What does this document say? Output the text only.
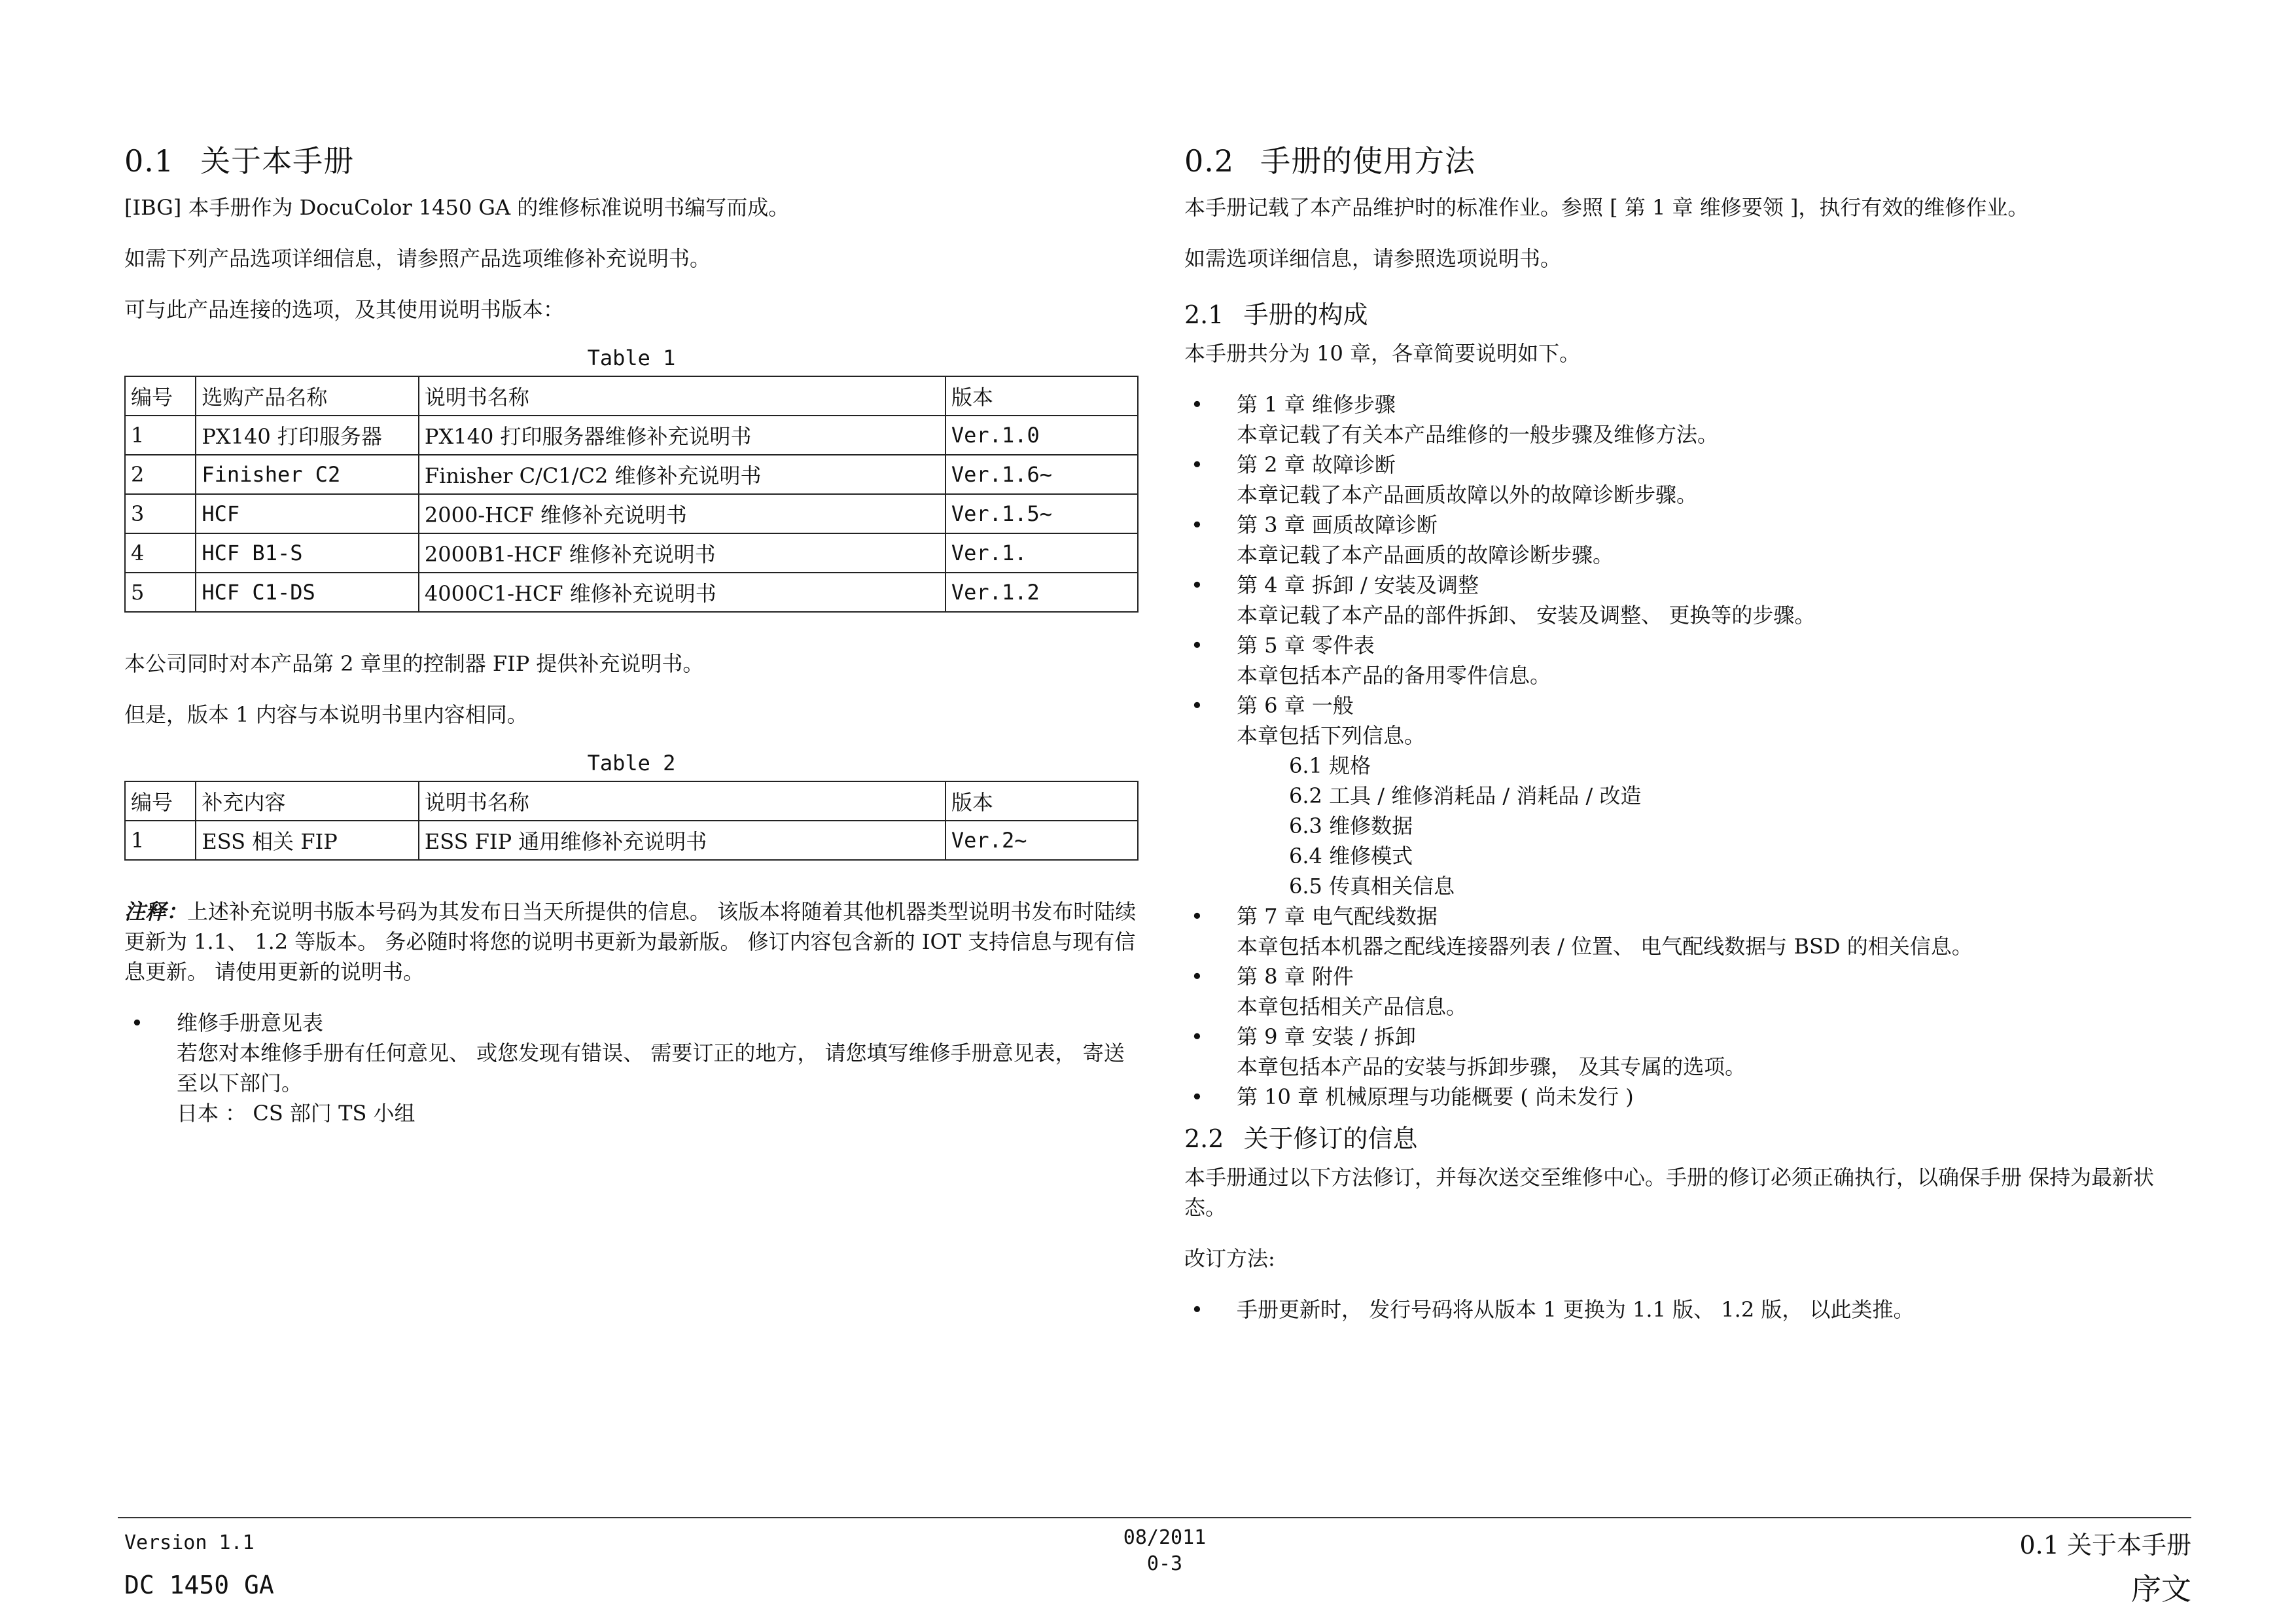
0.1 关于本手册

[IBG] 本手册作为 DocuColor 1450 GA 的维修标准说明书编写而成。

如需下列产品选项详细信息，请参照产品选项维修补充说明书。

可与此产品连接的选项，及其使用说明书版本：

Table 1
编号	选购产品名称	说明书名称	版本
1	PX140 打印服务器	PX140 打印服务器维修补充说明书	Ver.1.0
2	Finisher C2	Finisher C/C1/C2 维修补充说明书	Ver.1.6~
3	HCF	2000-HCF 维修补充说明书	Ver.1.5~
4	HCF B1-S	2000B1-HCF 维修补充说明书	Ver.1.
5	HCF C1-DS	4000C1-HCF 维修补充说明书	Ver.1.2

本公司同时对本产品第 2 章里的控制器 FIP 提供补充说明书。

但是，版本 1 内容与本说明书里内容相同。

Table 2
编号	补充内容	说明书名称	版本
1	ESS 相关 FIP	ESS FIP 通用维修补充说明书	Ver.2~

注释：上述补充说明书版本号码为其发布日当天所提供的信息。 该版本将随着其他机器类型说明书发布时陆续更新为 1.1、 1.2 等版本。 务必随时将您的说明书更新为最新版。 修订内容包含新的 IOT 支持信息与现有信息更新。 请使用更新的说明书。

• 维修手册意见表
若您对本维修手册有任何意见、 或您发现有错误、 需要订正的地方， 请您填写维修手册意见表， 寄送至以下部门。
日本 ： CS 部门 TS 小组
0.2 手册的使用方法

本手册记载了本产品维护时的标准作业。参照 [ 第 1 章 维修要领 ]，执行有效的维修作业。

如需选项详细信息，请参照选项说明书。

2.1 手册的构成

本手册共分为 10 章，各章简要说明如下。

• 第 1 章 维修步骤
本章记载了有关本产品维修的一般步骤及维修方法。
• 第 2 章 故障诊断
本章记载了本产品画质故障以外的故障诊断步骤。
• 第 3 章 画质故障诊断
本章记载了本产品画质的故障诊断步骤。
• 第 4 章 拆卸 / 安装及调整
本章记载了本产品的部件拆卸、 安装及调整、 更换等的步骤。
• 第 5 章 零件表
本章包括本产品的备用零件信息。
• 第 6 章 一般
本章包括下列信息。
6.1 规格
6.2 工具 / 维修消耗品 / 消耗品 / 改造
6.3 维修数据
6.4 维修模式
6.5 传真相关信息
• 第 7 章 电气配线数据
本章包括本机器之配线连接器列表 / 位置、 电气配线数据与 BSD 的相关信息。
• 第 8 章 附件
本章包括相关产品信息。
• 第 9 章 安装 / 拆卸
本章包括本产品的安装与拆卸步骤， 及其专属的选项。
• 第 10 章 机械原理与功能概要 ( 尚未发行 )
2.2 关于修订的信息

本手册通过以下方法修订，并每次送交至维修中心。手册的修订必须正确执行，以确保手册 保持为最新状态。

改订方法:

• 手册更新时， 发行号码将从版本 1 更换为 1.1 版、 1.2 版， 以此类推。
Version 1.1
DC 1450 GA
08/2011
0-3
0.1 关于本手册
序文
